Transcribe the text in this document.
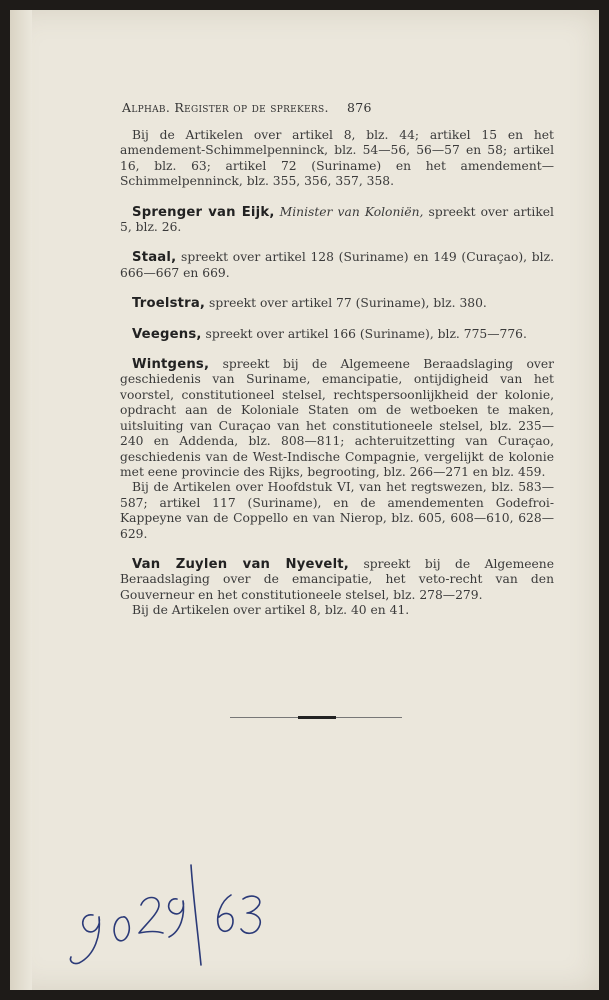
Alphab. Register op de sprekers. 876

Bij de Artikelen over artikel 8, blz. 44; artikel 15 en het amendement-Schimmelpenninck, blz. 54—56, 56—57 en 58; artikel 16, blz. 63; artikel 72 (Suriname) en het amendement—Schimmelpenninck, blz. 355, 356, 357, 358.

Sprenger van Eijk, Minister van Koloniën, spreekt over artikel 5, blz. 26.

Staal, spreekt over artikel 128 (Suriname) en 149 (Curaçao), blz. 666—667 en 669.

Troelstra, spreekt over artikel 77 (Suriname), blz. 380.

Veegens, spreekt over artikel 166 (Suriname), blz. 775—776.

Wintgens, spreekt bij de Algemeene Beraadslaging over geschiedenis van Suriname, emancipatie, ontijdigheid van het voorstel, constitutioneel stelsel, rechtspersoonlijkheid der kolonie, opdracht aan de Koloniale Staten om de wetboeken te maken, uitsluiting van Curaçao van het constitutioneele stelsel, blz. 235—240 en Addenda, blz. 808—811; achteruitzetting van Curaçao, geschiedenis van de West-Indische Compagnie, vergelijkt de kolonie met eene provincie des Rijks, begrooting, blz. 266—271 en blz. 459.

Bij de Artikelen over Hoofdstuk VI, van het regtswezen, blz. 583—587; artikel 117 (Suriname), en de amendementen Godefroi-Kappeyne van de Coppello en van Nierop, blz. 605, 608—610, 628—629.

Van Zuylen van Nyevelt, spreekt bij de Algemeene Beraadslaging over de emancipatie, het veto-recht van den Gouverneur en het constitutioneele stelsel, blz. 278—279.

Bij de Artikelen over artikel 8, blz. 40 en 41.
